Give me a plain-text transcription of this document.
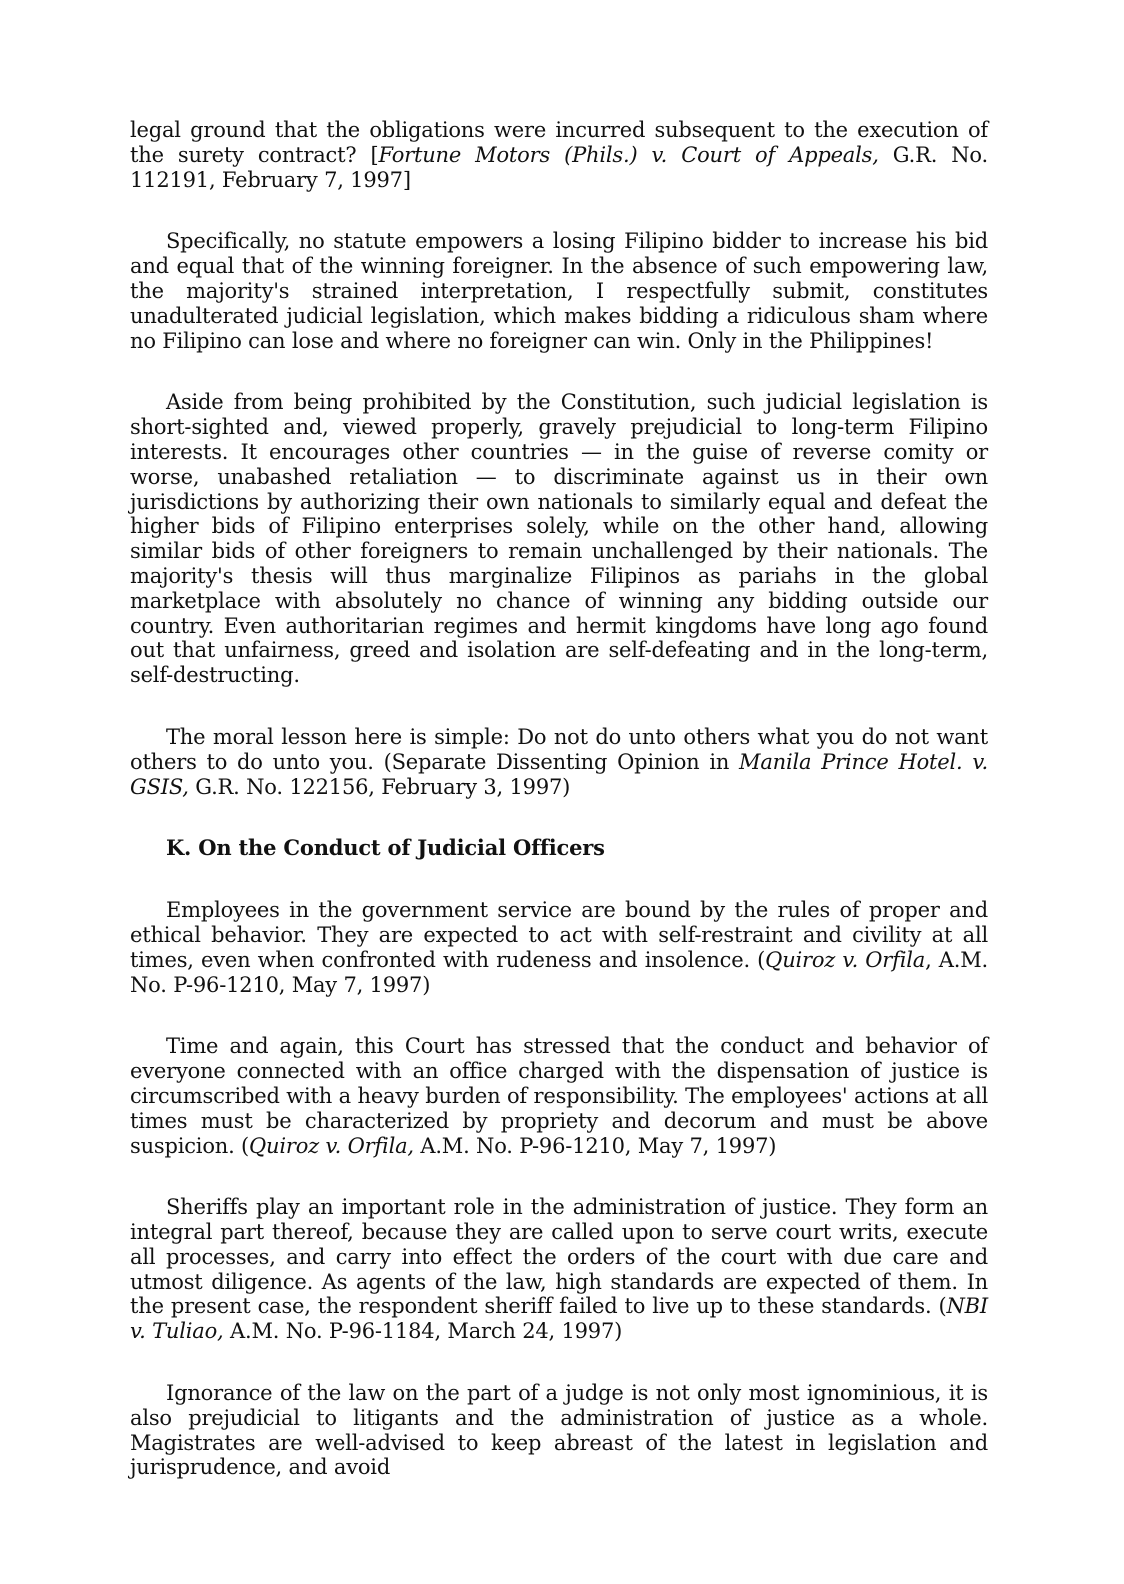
legal ground that the obligations were incurred subsequent to the execution of the surety contract? [Fortune Motors (Phils.) v. Court of Appeals, G.R. No. 112191, February 7, 1997]

Specifically, no statute empowers a losing Filipino bidder to increase his bid and equal that of the winning foreigner. In the absence of such empowering law, the majority's strained interpretation, I respectfully submit, constitutes unadulterated judicial legislation, which makes bidding a ridiculous sham where no Filipino can lose and where no foreigner can win. Only in the Philippines!

Aside from being prohibited by the Constitution, such judicial legislation is short-sighted and, viewed properly, gravely prejudicial to long-term Filipino interests. It encourages other countries — in the guise of reverse comity or worse, unabashed retaliation — to discriminate against us in their own jurisdictions by authorizing their own nationals to similarly equal and defeat the higher bids of Filipino enterprises solely, while on the other hand, allowing similar bids of other foreigners to remain unchallenged by their nationals. The majority's thesis will thus marginalize Filipinos as pariahs in the global marketplace with absolutely no chance of winning any bidding outside our country. Even authoritarian regimes and hermit kingdoms have long ago found out that unfairness, greed and isolation are self-defeating and in the long-term, self-destructing.

The moral lesson here is simple: Do not do unto others what you do not want others to do unto you. (Separate Dissenting Opinion in Manila Prince Hotel. v. GSIS, G.R. No. 122156, February 3, 1997)

K. On the Conduct of Judicial Officers

Employees in the government service are bound by the rules of proper and ethical behavior. They are expected to act with self-restraint and civility at all times, even when confronted with rudeness and insolence. (Quiroz v. Orfila, A.M. No. P-96-1210, May 7, 1997)

Time and again, this Court has stressed that the conduct and behavior of everyone connected with an office charged with the dispensation of justice is circumscribed with a heavy burden of responsibility. The employees' actions at all times must be characterized by propriety and decorum and must be above suspicion. (Quiroz v. Orfila, A.M. No. P-96-1210, May 7, 1997)

Sheriffs play an important role in the administration of justice. They form an integral part thereof, because they are called upon to serve court writs, execute all processes, and carry into effect the orders of the court with due care and utmost diligence. As agents of the law, high standards are expected of them. In the present case, the respondent sheriff failed to live up to these standards. (NBI v. Tuliao, A.M. No. P-96-1184, March 24, 1997)

Ignorance of the law on the part of a judge is not only most ignominious, it is also prejudicial to litigants and the administration of justice as a whole. Magistrates are well-advised to keep abreast of the latest in legislation and jurisprudence, and avoid
